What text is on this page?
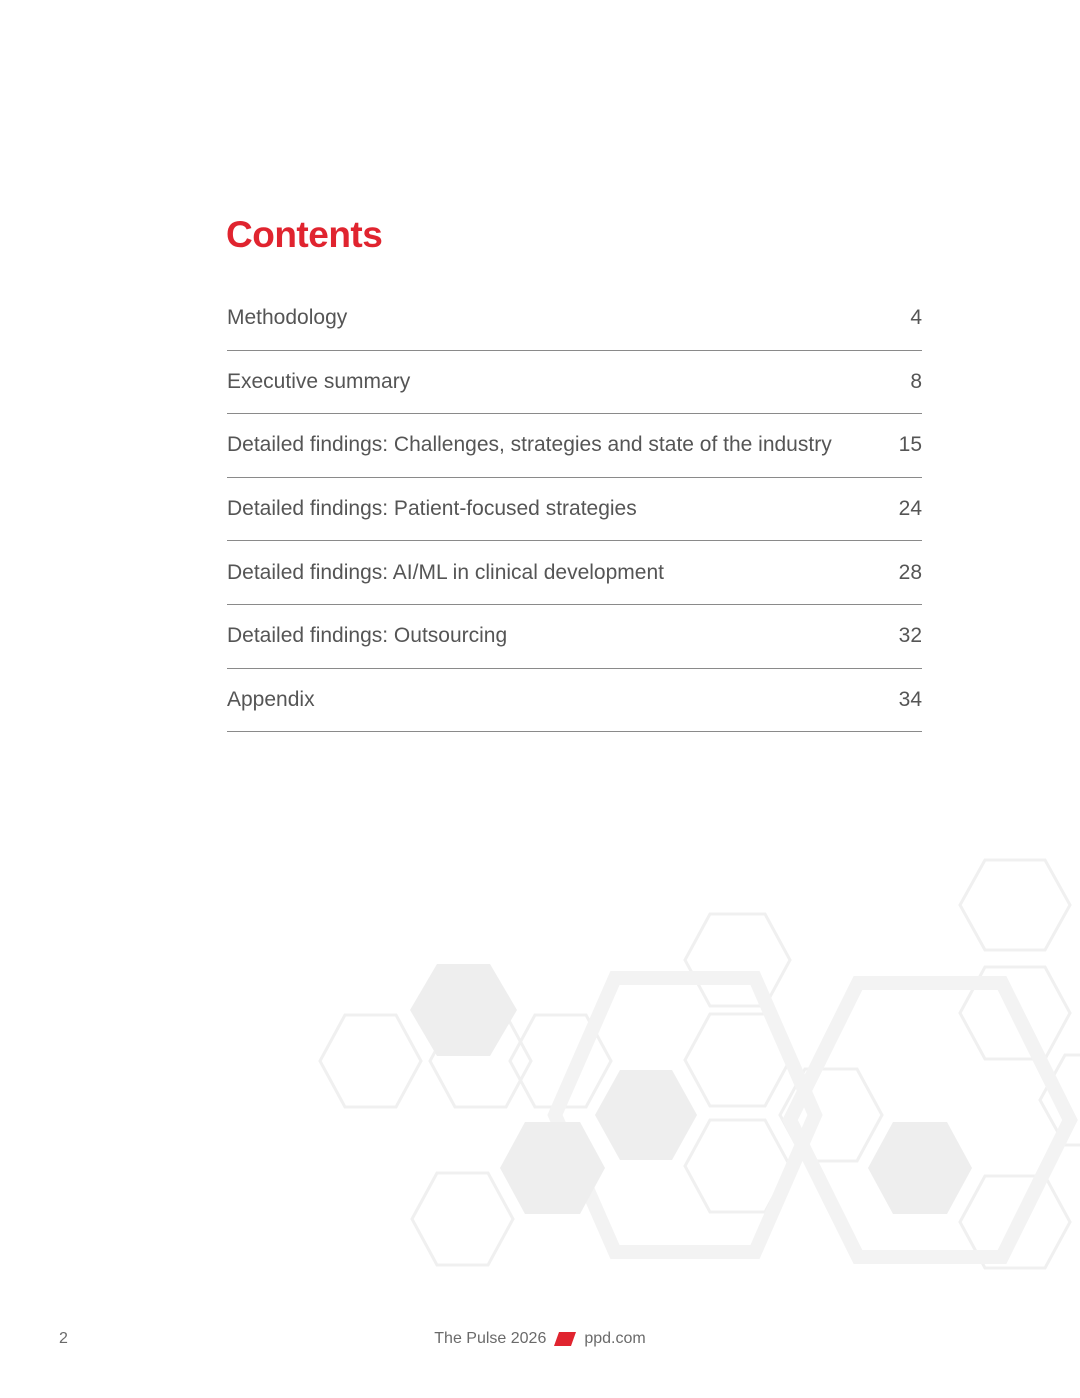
Contents
Methodology	4
Executive summary	8
Detailed findings: Challenges, strategies and state of the industry	15
Detailed findings: Patient-focused strategies	24
Detailed findings: AI/ML in clinical development	28
Detailed findings: Outsourcing	32
Appendix	34
2	The Pulse 2026 ppd.com
